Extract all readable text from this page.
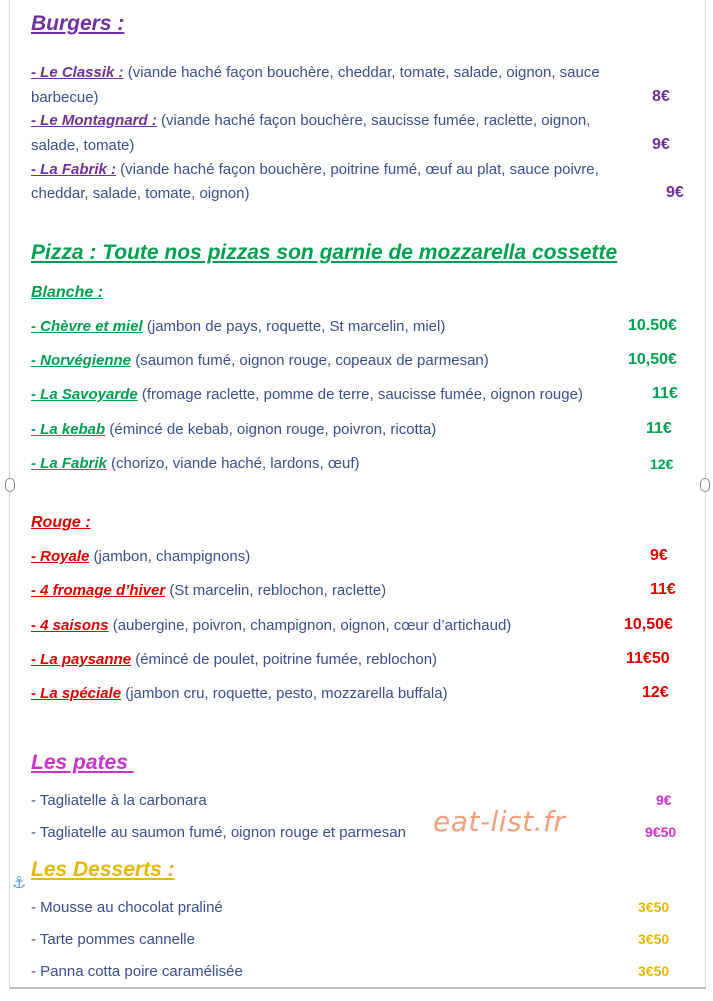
Burgers :
- Le Classik : (viande haché façon bouchère, cheddar, tomate, salade, oignon, sauce
barbecue)	8€
- Le Montagnard : (viande haché façon bouchère, saucisse fumée, raclette, oignon,
salade, tomate)	9€
- La Fabrik : (viande haché façon bouchère, poitrine fumé, œuf au plat, sauce poivre,
cheddar, salade, tomate, oignon)	9€
Pizza : Toute nos pizzas son garnie de mozzarella cossette
Blanche :
- Chèvre et miel (jambon de pays, roquette, St marcelin, miel)	10.50€
- Norvégienne (saumon fumé, oignon rouge, copeaux de parmesan)	10,50€
- La Savoyarde (fromage raclette, pomme de terre, saucisse fumée, oignon rouge)	11€
- La kebab (émincé de kebab, oignon rouge, poivron, ricotta)	11€
- La Fabrik (chorizo, viande haché, lardons, œuf)	12€
Rouge :
- Royale (jambon, champignons)	9€
- 4 fromage d’hiver (St marcelin, reblochon, raclette)	11€
- 4 saisons (aubergine, poivron, champignon, oignon, cœur d’artichaud)	10,50€
- La paysanne (émincé de poulet, poitrine fumée, reblochon)	11€50
- La spéciale (jambon cru, roquette, pesto, mozzarella buffala)	12€
Les pates
- Tagliatelle à la carbonara	9€
- Tagliatelle au saumon fumé, oignon rouge et parmesan	9€50
eat-list.fr
⚓
Les Desserts :
- Mousse au chocolat praliné	3€50
- Tarte pommes cannelle	3€50
- Panna cotta poire caramélisée	3€50
